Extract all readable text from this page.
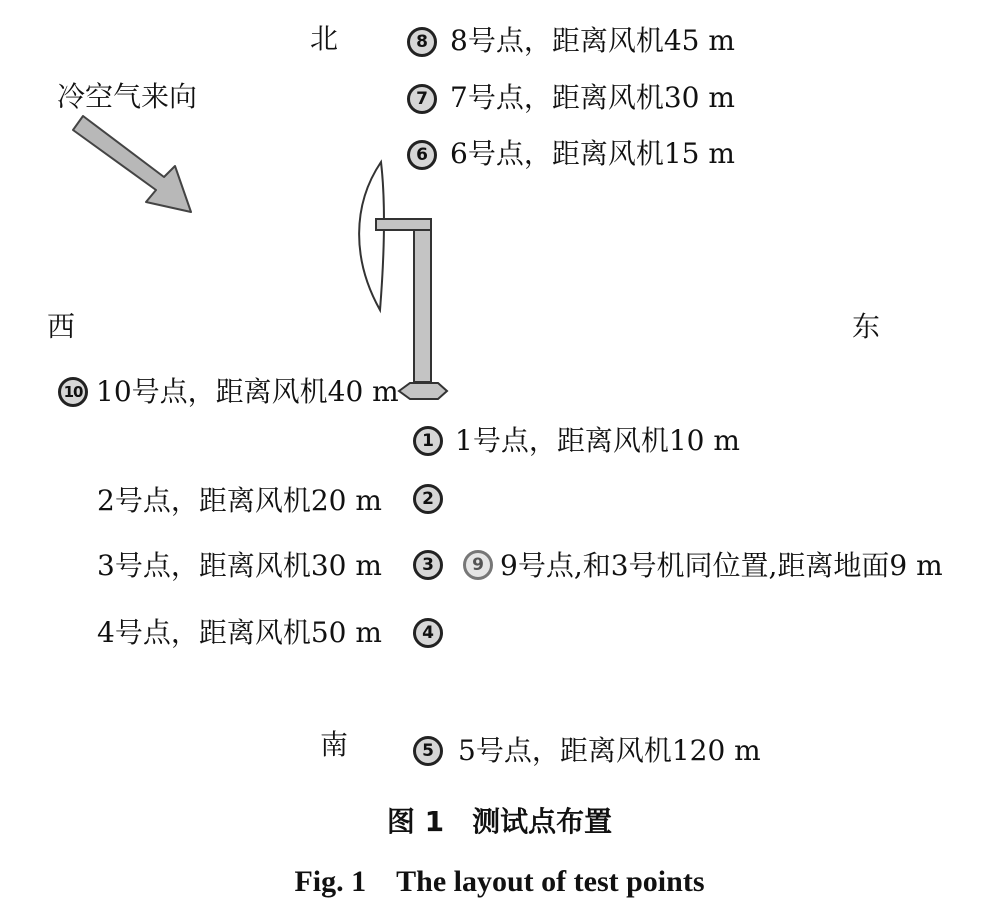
北
南
西	东
冷空气来向
8 8号点，距离风机45 m
7 7号点，距离风机30 m
6 6号点，距离风机15 m
10 10号点，距离风机40 m
1 1号点，距离风机10 m
2号点，距离风机20 m	2
3号点，距离风机30 m	3	9 9号点,和3号机同位置,距离地面9 m
4号点，距离风机50 m	4
5 5号点，距离风机120 m
图 1　测试点布置
Fig. 1　The layout of test points
